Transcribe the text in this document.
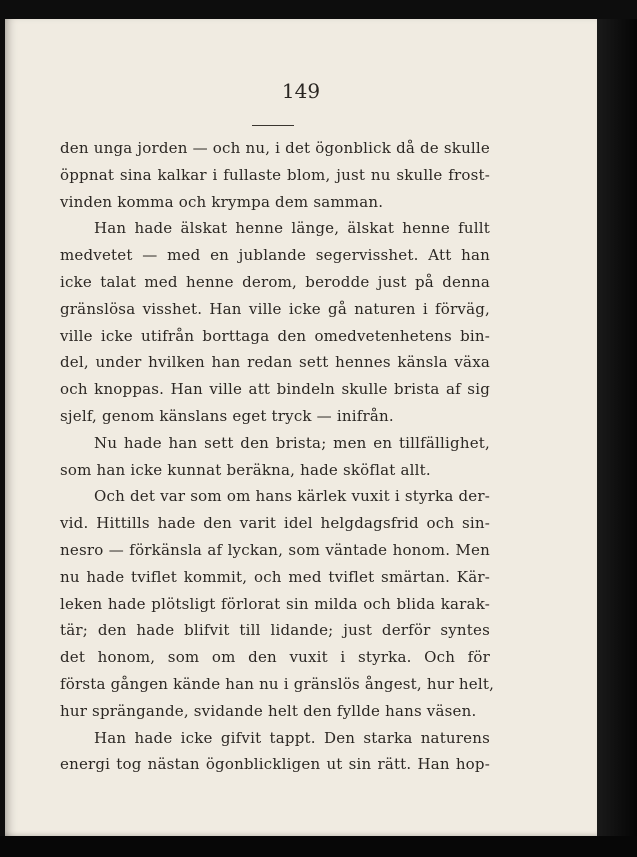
149
den unga jorden — och nu, i det ögonblick då de skulle
öppnat sina kalkar i fullaste blom, just nu skulle frost-
vinden komma och krympa dem samman.
Han hade älskat henne länge, älskat henne fullt
medvetet — med en jublande segervisshet. Att han
icke talat med henne derom, berodde just på denna
gränslösa visshet. Han ville icke gå naturen i förväg,
ville icke utifrån borttaga den omedvetenhetens bin-
del, under hvilken han redan sett hennes känsla växa
och knoppas. Han ville att bindeln skulle brista af sig
sjelf, genom känslans eget tryck — inifrån.
Nu hade han sett den brista; men en tillfällighet,
som han icke kunnat beräkna, hade sköflat allt.
Och det var som om hans kärlek vuxit i styrka der-
vid. Hittills hade den varit idel helgdagsfrid och sin-
nesro — förkänsla af lyckan, som väntade honom. Men
nu hade tviflet kommit, och med tviflet smärtan. Kär-
leken hade plötsligt förlorat sin milda och blida karak-
tär; den hade blifvit till lidande; just derför syntes
det honom, som om den vuxit i styrka. Och för
första gången kände han nu i gränslös ångest, hur helt,
hur sprängande, svidande helt den fyllde hans väsen.
Han hade icke gifvit tappt. Den starka naturens
energi tog nästan ögonblickligen ut sin rätt. Han hop-
